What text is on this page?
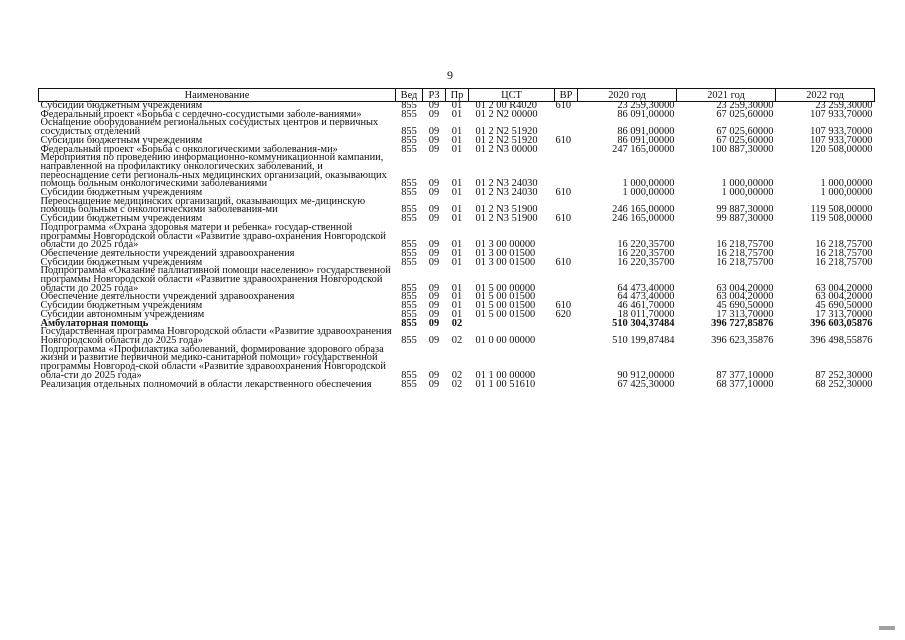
9
Наименование	Вед	РЗ	Пр	ЦСТ	ВР	2020 год	2021 год	2022 год
Субсидии бюджетным учреждениям	855	09	01	01 2 00 R4020	610	23 259,30000	23 259,30000	23 259,30000
Федеральный проект «Борьба с сердечно-сосудистыми заболе-ваниями»	855	09	01	01 2 N2 00000		86 091,00000	67 025,60000	107 933,70000
Оснащение оборудованием региональных сосудистых центров и первичных сосудистых отделений	855	09	01	01 2 N2 51920		86 091,00000	67 025,60000	107 933,70000
Субсидии бюджетным учреждениям	855	09	01	01 2 N2 51920	610	86 091,00000	67 025,60000	107 933,70000
Федеральный проект «Борьба с онкологическими заболевания-ми»	855	09	01	01 2 N3 00000		247 165,00000	100 887,30000	120 508,00000
Мероприятия по проведению информационно-коммуникационной кампании, направленной на профилактику онкологических заболеваний, и переоснащение сети региональ-ных медицинских организаций, оказывающих помощь больным онкологическими заболеваниями	855	09	01	01 2 N3 24030		1 000,00000	1 000,00000	1 000,00000
Субсидии бюджетным учреждениям	855	09	01	01 2 N3 24030	610	1 000,00000	1 000,00000	1 000,00000
Переоснащение медицинских организаций, оказывающих ме-дицинскую помощь больным с онкологическими заболевания-ми	855	09	01	01 2 N3 51900		246 165,00000	99 887,30000	119 508,00000
Субсидии бюджетным учреждениям	855	09	01	01 2 N3 51900	610	246 165,00000	99 887,30000	119 508,00000
Подпрограмма «Охрана здоровья матери и ребенка» государ-ственной программы Новгородской области «Развитие здраво-охранения Новгородской области до 2025 года»	855	09	01	01 3 00 00000		16 220,35700	16 218,75700	16 218,75700
Обеспечение деятельности учреждений здравоохранения	855	09	01	01 3 00 01500		16 220,35700	16 218,75700	16 218,75700
Субсидии бюджетным учреждениям	855	09	01	01 3 00 01500	610	16 220,35700	16 218,75700	16 218,75700
Подпрограмма «Оказание паллиативной помощи населению» государственной программы Новгородской области «Развитие здравоохранения Новгородской области до 2025 года»	855	09	01	01 5 00 00000		64 473,40000	63 004,20000	63 004,20000
Обеспечение деятельности учреждений здравоохранения	855	09	01	01 5 00 01500		64 473,40000	63 004,20000	63 004,20000
Субсидии бюджетным учреждениям	855	09	01	01 5 00 01500	610	46 461,70000	45 690,50000	45 690,50000
Субсидии автономным учреждениям	855	09	01	01 5 00 01500	620	18 011,70000	17 313,70000	17 313,70000
Амбулаторная помощь	855	09	02			510 304,37484	396 727,85876	396 603,05876
Государственная программа Новгородской области «Развитие здравоохранения Новгородской области до 2025 года»	855	09	02	01 0 00 00000		510 199,87484	396 623,35876	396 498,55876
Подпрограмма «Профилактика заболеваний, формирование здорового образа жизни и развитие первичной медико-санитарной помощи» государственной программы Новгород-ской области «Развитие здравоохранения Новгородской обла-сти до 2025 года»	855	09	02	01 1 00 00000		90 912,00000	87 377,10000	87 252,30000
Реализация отдельных полномочий в области лекарственного обеспечения	855	09	02	01 1 00 51610		67 425,30000	68 377,10000	68 252,30000
